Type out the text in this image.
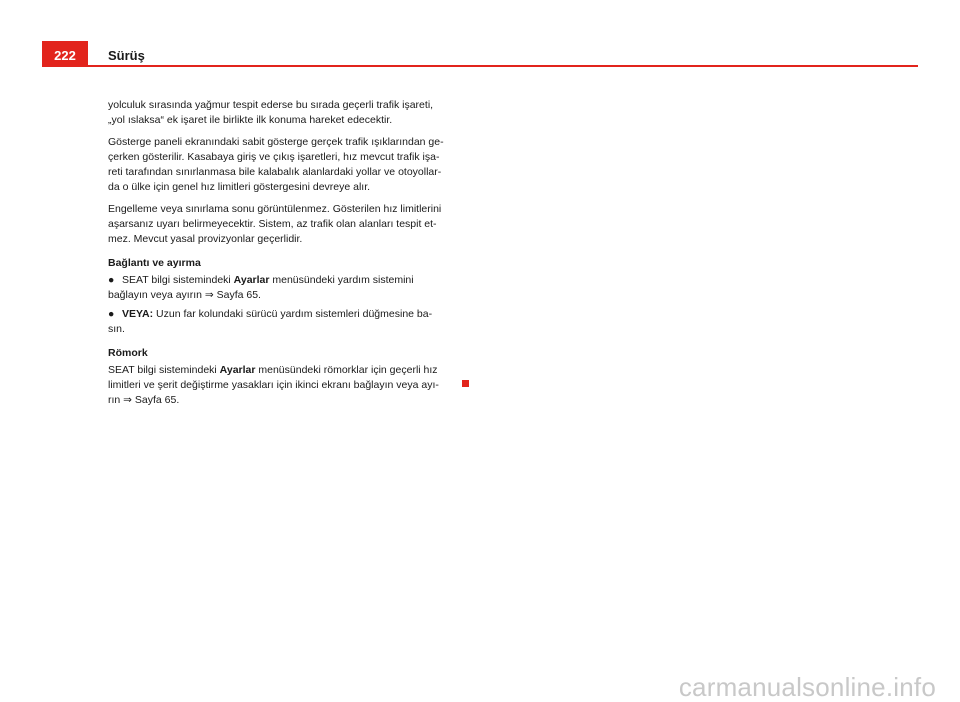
222	Sürüş

yolculuk sırasında yağmur tespit ederse bu sırada geçerli trafik işareti,
„yol ıslaksa“ ek işaret ile birlikte ilk konuma hareket edecektir.

Gösterge paneli ekranındaki sabit gösterge gerçek trafik ışıklarından ge-
çerken gösterilir. Kasabaya giriş ve çıkış işaretleri, hız mevcut trafik işa-
reti tarafından sınırlanmasa bile kalabalık alanlardaki yollar ve otoyollar-
da o ülke için genel hız limitleri göstergesini devreye alır.

Engelleme veya sınırlama sonu görüntülenmez. Gösterilen hız limitlerini
aşarsanız uyarı belirmeyecektir. Sistem, az trafik olan alanları tespit et-
mez. Mevcut yasal provizyonlar geçerlidir.

Bağlantı ve ayırma
● SEAT bilgi sistemindeki Ayarlar menüsündeki yardım sistemini
bağlayın veya ayırın ⇒ Sayfa 65.
● VEYA: Uzun far kolundaki sürücü yardım sistemleri düğmesine ba-
sın.
Römork

SEAT bilgi sistemindeki Ayarlar menüsündeki römorklar için geçerli hız
limitleri ve şerit değiştirme yasakları için ikinci ekranı bağlayın veya ayı-
rın ⇒ Sayfa 65.

carmanualsonline.info
